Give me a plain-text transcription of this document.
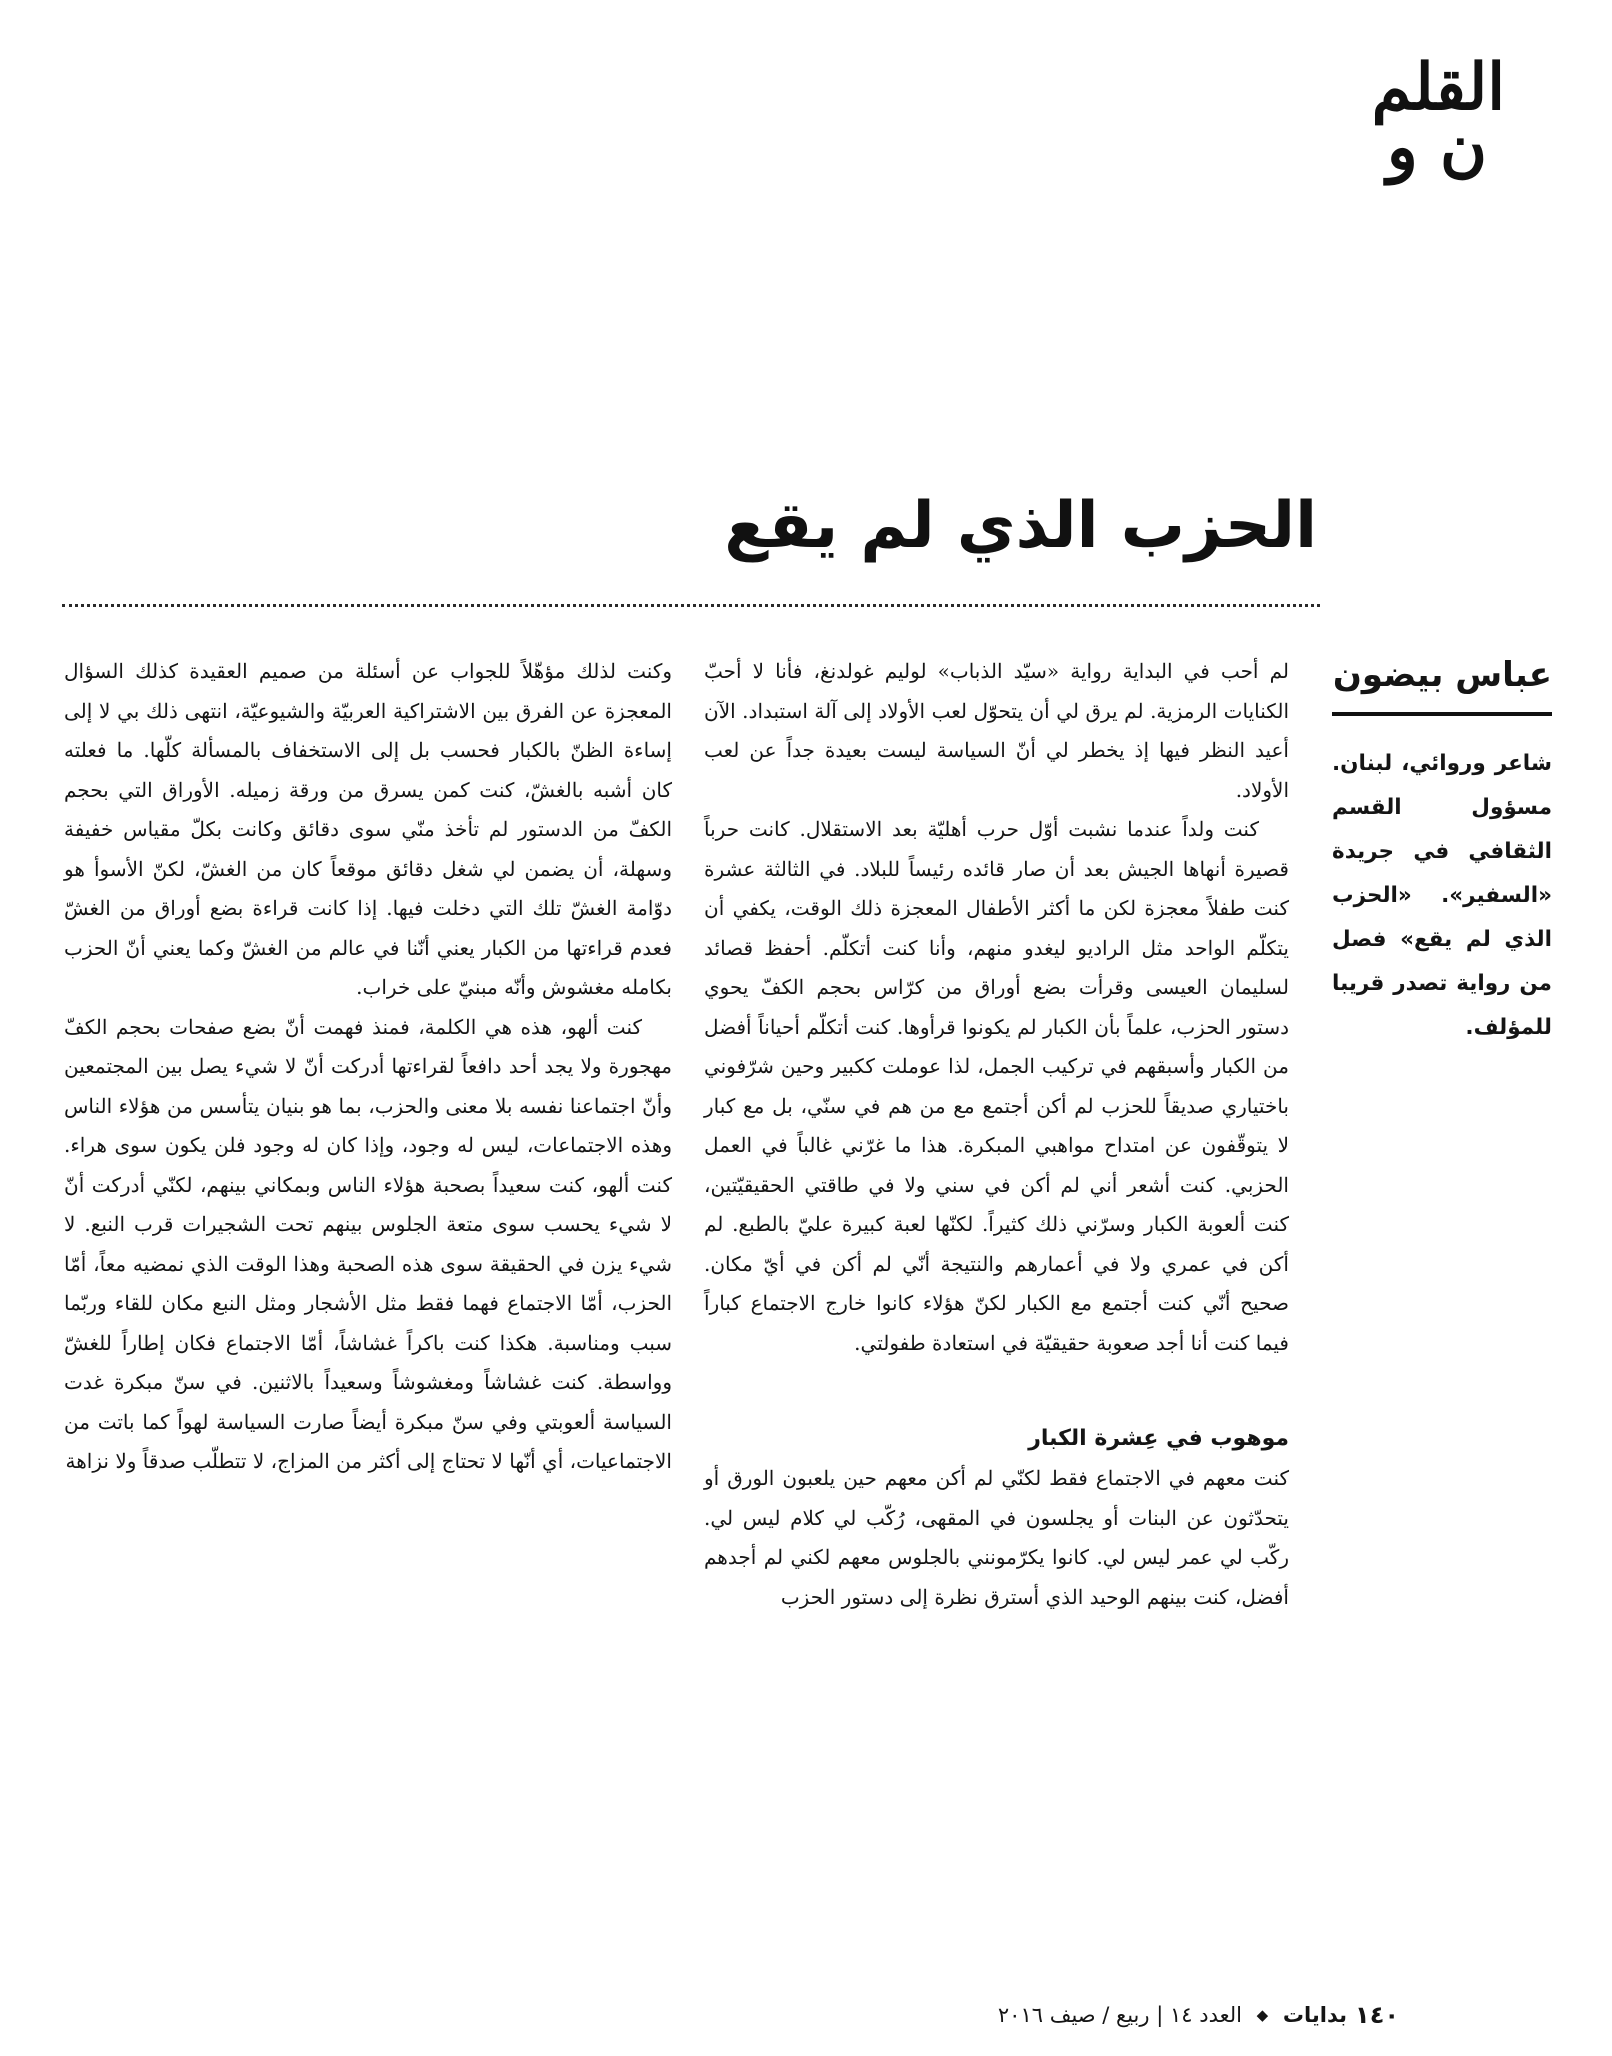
القلم
ن و
الحزب الذي لم يقع
عباس بيضون
شاعر وروائي، لبنان. مسؤول القسم الثقافي في جريدة «السفير». «الحزب الذي لم يقع» فصل من رواية تصدر قريبا للمؤلف.

لم أحب في البداية رواية «سيّد الذباب» لوليم غولدنغ، فأنا لا أحبّ الكنايات الرمزية. لم يرق لي أن يتحوّل لعب الأولاد إلى آلة استبداد. الآن أعيد النظر فيها إذ يخطر لي أنّ السياسة ليست بعيدة جداً عن لعب الأولاد.

كنت ولداً عندما نشبت أوّل حرب أهليّة بعد الاستقلال. كانت حرباً قصيرة أنهاها الجيش بعد أن صار قائده رئيساً للبلاد. في الثالثة عشرة كنت طفلاً معجزة لكن ما أكثر الأطفال المعجزة ذلك الوقت، يكفي أن يتكلّم الواحد مثل الراديو ليغدو منهم، وأنا كنت أتكلّم. أحفظ قصائد لسليمان العيسى وقرأت بضع أوراق من كرّاس بحجم الكفّ يحوي دستور الحزب، علماً بأن الكبار لم يكونوا قرأوها. كنت أتكلّم أحياناً أفضل من الكبار وأسبقهم في تركيب الجمل، لذا عوملت ككبير وحين شرّفوني باختياري صديقاً للحزب لم أكن أجتمع مع من هم في سنّي، بل مع كبار لا يتوقّفون عن امتداح مواهبي المبكرة. هذا ما غرّني غالباً في العمل الحزبي. كنت أشعر أني لم أكن في سني ولا في طاقتي الحقيقيّتين، كنت ألعوبة الكبار وسرّني ذلك كثيراً. لكنّها لعبة كبيرة عليّ بالطبع. لم أكن في عمري ولا في أعمارهم والنتيجة أنّي لم أكن في أيّ مكان. صحيح أنّي كنت أجتمع مع الكبار لكنّ هؤلاء كانوا خارج الاجتماع كباراً فيما كنت أنا أجد صعوبة حقيقيّة في استعادة طفولتي.

موهوب في عِشرة الكبار

كنت معهم في الاجتماع فقط لكنّي لم أكن معهم حين يلعبون الورق أو يتحدّثون عن البنات أو يجلسون في المقهى، رُكّب لي كلام ليس لي. ركّب لي عمر ليس لي. كانوا يكرّمونني بالجلوس معهم لكني لم أجدهم أفضل، كنت بينهم الوحيد الذي أسترق نظرة إلى دستور الحزب

وكنت لذلك مؤهّلاً للجواب عن أسئلة من صميم العقيدة كذلك السؤال المعجزة عن الفرق بين الاشتراكية العربيّة والشيوعيّة، انتهى ذلك بي لا إلى إساءة الظنّ بالكبار فحسب بل إلى الاستخفاف بالمسألة كلّها. ما فعلته كان أشبه بالغشّ، كنت كمن يسرق من ورقة زميله. الأوراق التي بحجم الكفّ من الدستور لم تأخذ منّي سوى دقائق وكانت بكلّ مقياس خفيفة وسهلة، أن يضمن لي شغل دقائق موقعاً كان من الغشّ، لكنّ الأسوأ هو دوّامة الغشّ تلك التي دخلت فيها. إذا كانت قراءة بضع أوراق من الغشّ فعدم قراءتها من الكبار يعني أنّنا في عالم من الغشّ وكما يعني أنّ الحزب بكامله مغشوش وأنّه مبنيّ على خراب.

كنت ألهو، هذه هي الكلمة، فمنذ فهمت أنّ بضع صفحات بحجم الكفّ مهجورة ولا يجد أحد دافعاً لقراءتها أدركت أنّ لا شيء يصل بين المجتمعين وأنّ اجتماعنا نفسه بلا معنى والحزب، بما هو بنيان يتأسس من هؤلاء الناس وهذه الاجتماعات، ليس له وجود، وإذا كان له وجود فلن يكون سوى هراء. كنت ألهو، كنت سعيداً بصحبة هؤلاء الناس وبمكاني بينهم، لكنّي أدركت أنّ لا شيء يحسب سوى متعة الجلوس بينهم تحت الشجيرات قرب النبع. لا شيء يزن في الحقيقة سوى هذه الصحبة وهذا الوقت الذي نمضيه معاً، أمّا الحزب، أمّا الاجتماع فهما فقط مثل الأشجار ومثل النبع مكان للقاء وربّما سبب ومناسبة. هكذا كنت باكراً غشاشاً، أمّا الاجتماع فكان إطاراً للغشّ وواسطة. كنت غشاشاً ومغشوشاً وسعيداً بالاثنين. في سنّ مبكرة غدت السياسة ألعوبتي وفي سنّ مبكرة أيضاً صارت السياسة لهواً كما باتت من الاجتماعيات، أي أنّها لا تحتاج إلى أكثر من المزاج، لا تتطلّب صدقاً ولا نزاهة

١٤٠
بدايات ◆ العدد ١٤ | ربيع / صيف ٢٠١٦
